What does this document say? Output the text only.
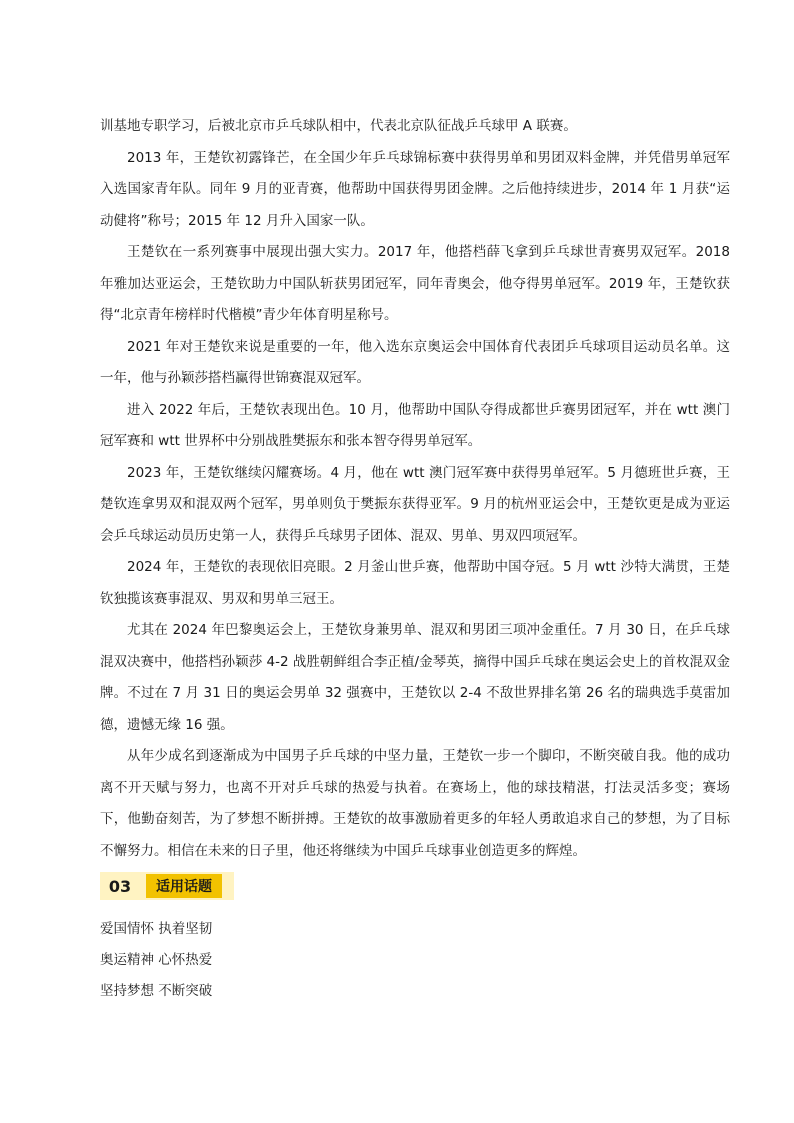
训基地专职学习，后被北京市乒乓球队相中，代表北京队征战乒乓球甲 A 联赛。

2013 年，王楚钦初露锋芒，在全国少年乒乓球锦标赛中获得男单和男团双料金牌，并凭借男单冠军入选国家青年队。同年 9 月的亚青赛，他帮助中国获得男团金牌。之后他持续进步，2014 年 1 月获“运动健将”称号；2015 年 12 月升入国家一队。

王楚钦在一系列赛事中展现出强大实力。2017 年，他搭档薛飞拿到乒乓球世青赛男双冠军。2018 年雅加达亚运会，王楚钦助力中国队斩获男团冠军，同年青奥会，他夺得男单冠军。2019 年，王楚钦获得“北京青年榜样时代楷模”青少年体育明星称号。

2021 年对王楚钦来说是重要的一年，他入选东京奥运会中国体育代表团乒乓球项目运动员名单。这一年，他与孙颖莎搭档赢得世锦赛混双冠军。

进入 2022 年后，王楚钦表现出色。10 月，他帮助中国队夺得成都世乒赛男团冠军，并在 wtt 澳门冠军赛和 wtt 世界杯中分别战胜樊振东和张本智夺得男单冠军。

2023 年，王楚钦继续闪耀赛场。4 月，他在 wtt 澳门冠军赛中获得男单冠军。5 月德班世乒赛，王楚钦连拿男双和混双两个冠军，男单则负于樊振东获得亚军。9 月的杭州亚运会中，王楚钦更是成为亚运会乒乓球运动员历史第一人，获得乒乓球男子团体、混双、男单、男双四项冠军。

2024 年，王楚钦的表现依旧亮眼。2 月釜山世乒赛，他帮助中国夺冠。5 月 wtt 沙特大满贯，王楚钦独揽该赛事混双、男双和男单三冠王。

尤其在 2024 年巴黎奥运会上，王楚钦身兼男单、混双和男团三项冲金重任。7 月 30 日，在乒乓球混双决赛中，他搭档孙颖莎 4-2 战胜朝鲜组合李正植/金琴英，摘得中国乒乓球在奥运会史上的首枚混双金牌。不过在 7 月 31 日的奥运会男单 32 强赛中，王楚钦以 2-4 不敌世界排名第 26 名的瑞典选手莫雷加德，遗憾无缘 16 强。

从年少成名到逐渐成为中国男子乒乓球的中坚力量，王楚钦一步一个脚印，不断突破自我。他的成功离不开天赋与努力，也离不开对乒乓球的热爱与执着。在赛场上，他的球技精湛，打法灵活多变；赛场下，他勤奋刻苦，为了梦想不断拼搏。王楚钦的故事激励着更多的年轻人勇敢追求自己的梦想，为了目标不懈努力。相信在未来的日子里，他还将继续为中国乒乓球事业创造更多的辉煌。

03	适用话题

爱国情怀 执着坚韧

奥运精神 心怀热爱

坚持梦想 不断突破
